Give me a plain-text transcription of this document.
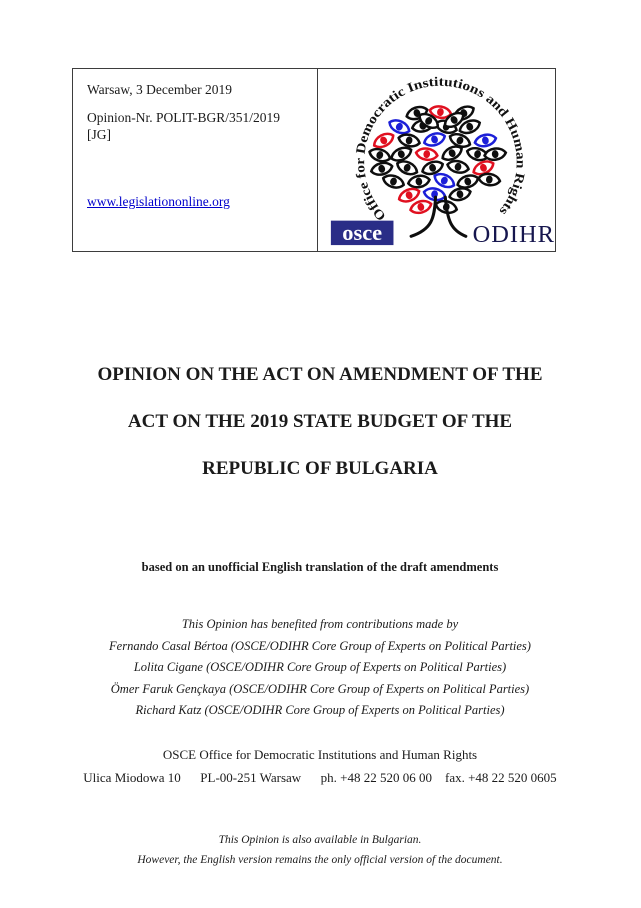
Warsaw, 3 December 2019
Opinion-Nr. POLIT-BGR/351/2019 [JG]
www.legislationonline.org
Office for Democratic Institutions and Human Rights
osce	ODIHR
OPINION ON THE ACT ON AMENDMENT OF THE
ACT ON THE 2019 STATE BUDGET OF THE
REPUBLIC OF BULGARIA
based on an unofficial English translation of the draft amendments
This Opinion has benefited from contributions made by
Fernando Casal Bértoa (OSCE/ODIHR Core Group of Experts on Political Parties)
Lolita Cigane (OSCE/ODIHR Core Group of Experts on Political Parties)
Ömer Faruk Gençkaya (OSCE/ODIHR Core Group of Experts on Political Parties)
Richard Katz (OSCE/ODIHR Core Group of Experts on Political Parties)
OSCE Office for Democratic Institutions and Human Rights
Ulica Miodowa 10      PL-00-251 Warsaw      ph. +48 22 520 06 00    fax. +48 22 520 0605
This Opinion is also available in Bulgarian.
However, the English version remains the only official version of the document.
